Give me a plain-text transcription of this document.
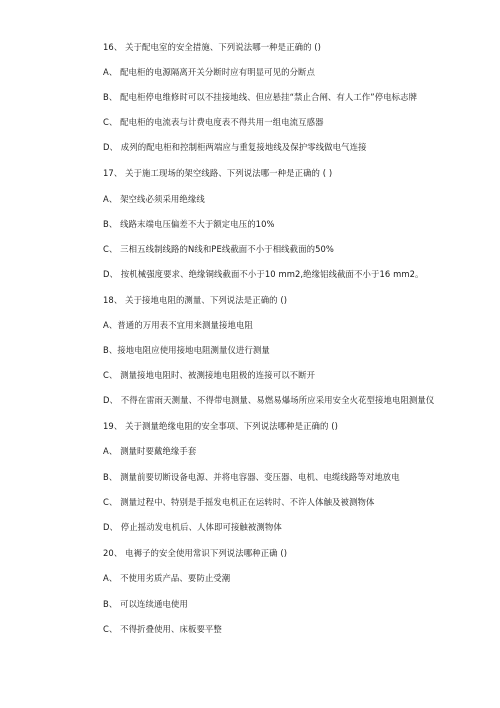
16、 关于配电室的安全措施、下列说法哪一种是正确的 ()
A、 配电柜的电源隔离开关分断时应有明显可见的分断点
B、 配电柜停电维修时可以不挂接地线、但应悬挂“禁止合闸、有人工作”停电标志牌
C、 配电柜的电流表与计费电度表不得共用一组电流互感器
D、 成列的配电柜和控制柜两端应与重复接地线及保护零线做电气连接
17、 关于施工现场的架空线路、下列说法哪一种是正确的 ( )
A、 架空线必须采用绝缘线
B、 线路末端电压偏差不大于额定电压的10%
C、 三相五线制线路的N线和PE线截面不小于相线截面的50%
D、 按机械强度要求、绝缘铜线截面不小于10 mm2,绝缘铝线截面不小于16 mm2。
18、 关于接地电阻的测量、下列说法是正确的 ()
A、普通的万用表不宜用来测量接地电阻
B、接地电阻应使用接地电阻测量仪进行测量
C、 测量接地电阻时、被测接地电阻极的连接可以不断开
D、 不得在雷雨天测量、不得带电测量、易燃易爆场所应采用安全火花型接地电阻测量仪
19、 关于测量绝缘电阻的安全事项、下列说法哪种是正确的 ()
A、 测量时要戴绝缘手套
B、 测量前要切断设备电源、并将电容器、变压器、电机、电缆线路等对地放电
C、 测量过程中、特别是手摇发电机正在运转时、不许人体触及被测物体
D、 停止摇动发电机后、人体即可接触被测物体
20、 电褥子的安全使用常识下列说法哪种正确 ()
A、 不使用劣质产品、要防止受潮
B、 可以连续通电使用
C、 不得折叠使用、床板要平整
